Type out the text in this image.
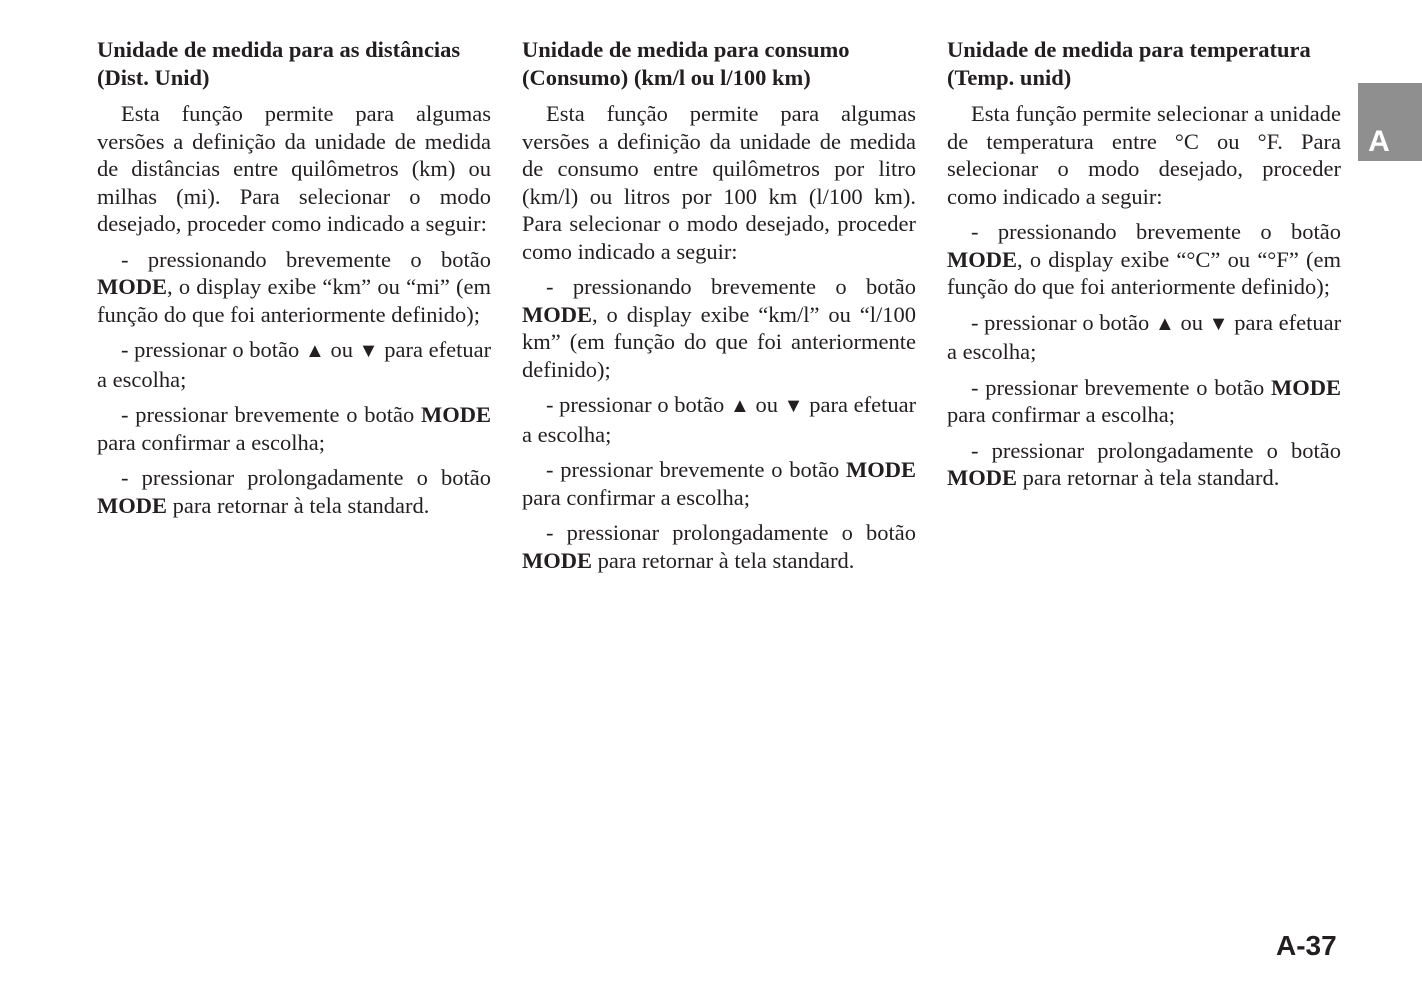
Unidade de medida para as distâncias (Dist. Unid)

Esta função permite para algumas versões a definição da unidade de medida de distâncias entre quilômetros (km) ou milhas (mi). Para selecionar o modo desejado, proceder como indicado a seguir:

- pressionando brevemente o botão MODE, o display exibe “km” ou “mi” (em função do que foi anteriormente definido);

- pressionar o botão ▲ ou ▼ para efetuar a escolha;

- pressionar brevemente o botão MODE para confirmar a escolha;

- pressionar prolongadamente o botão MODE para retornar à tela standard.

Unidade de medida para consumo (Consumo) (km/l ou l/100 km)

Esta função permite para algumas versões a definição da unidade de medida de consumo entre quilômetros por litro (km/l) ou litros por 100 km (l/100 km). Para selecionar o modo desejado, proceder como indicado a seguir:

- pressionando brevemente o botão MODE, o display exibe “km/l” ou “l/100 km” (em função do que foi anteriormente definido);

- pressionar o botão ▲ ou ▼ para efetuar a escolha;

- pressionar brevemente o botão MODE para confirmar a escolha;

- pressionar prolongadamente o botão MODE para retornar à tela standard.

Unidade de medida para temperatura (Temp. unid)

Esta função permite selecionar a unidade de temperatura entre °C ou °F. Para selecionar o modo desejado, proceder como indicado a seguir:

- pressionando brevemente o botão MODE, o display exibe “°C” ou “°F” (em função do que foi anteriormente definido);

- pressionar o botão ▲ ou ▼ para efetuar a escolha;

- pressionar brevemente o botão MODE para confirmar a escolha;

- pressionar prolongadamente o botão MODE para retornar à tela standard.

A
A-37
